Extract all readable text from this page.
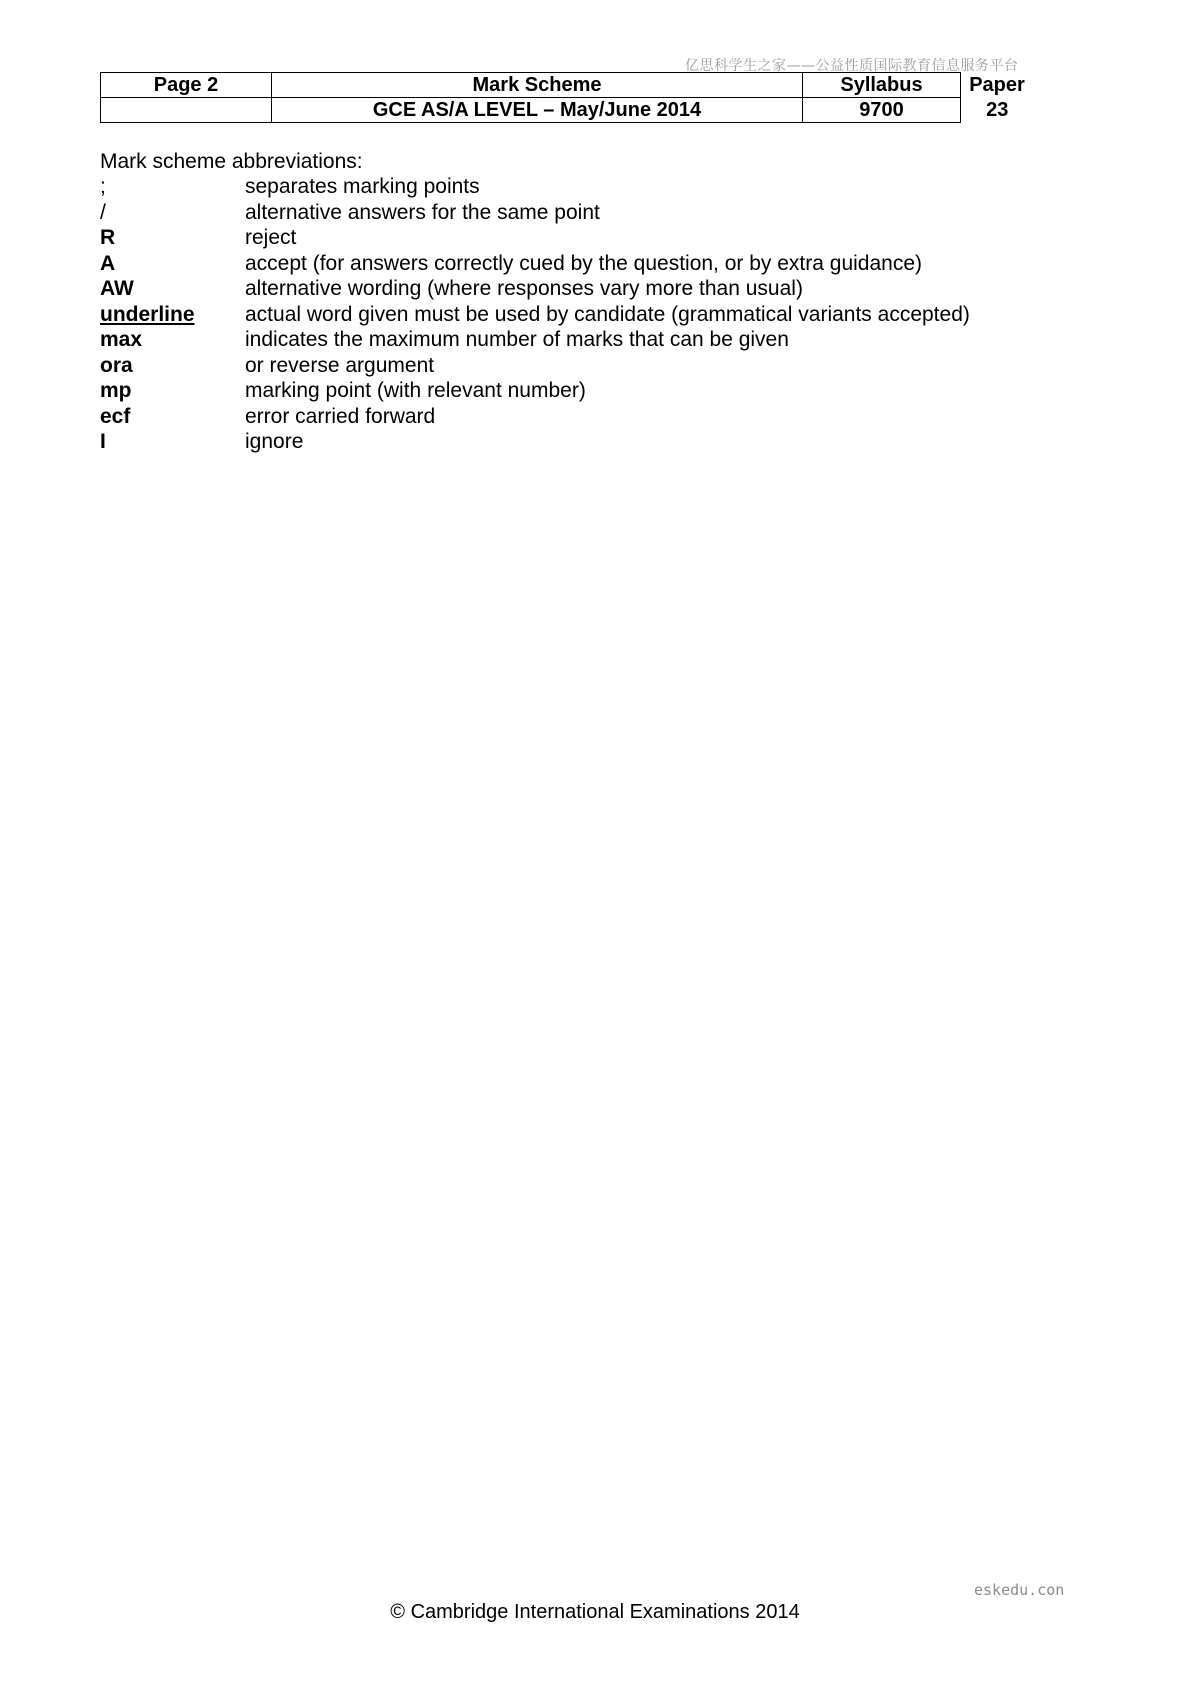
亿思科学生之家——公益性质国际教育信息服务平台
Page 2	Mark Scheme	Syllabus	Paper
	GCE AS/A LEVEL – May/June 2014	9700	23
Mark scheme abbreviations:
;	separates marking points
/	alternative answers for the same point
R	reject
A	accept (for answers correctly cued by the question, or by extra guidance)
AW	alternative wording (where responses vary more than usual)
underline	actual word given must be used by candidate (grammatical variants accepted)
max	indicates the maximum number of marks that can be given
ora	or reverse argument
mp	marking point (with relevant number)
ecf	error carried forward
I	ignore
eskedu.con
© Cambridge International Examinations 2014
